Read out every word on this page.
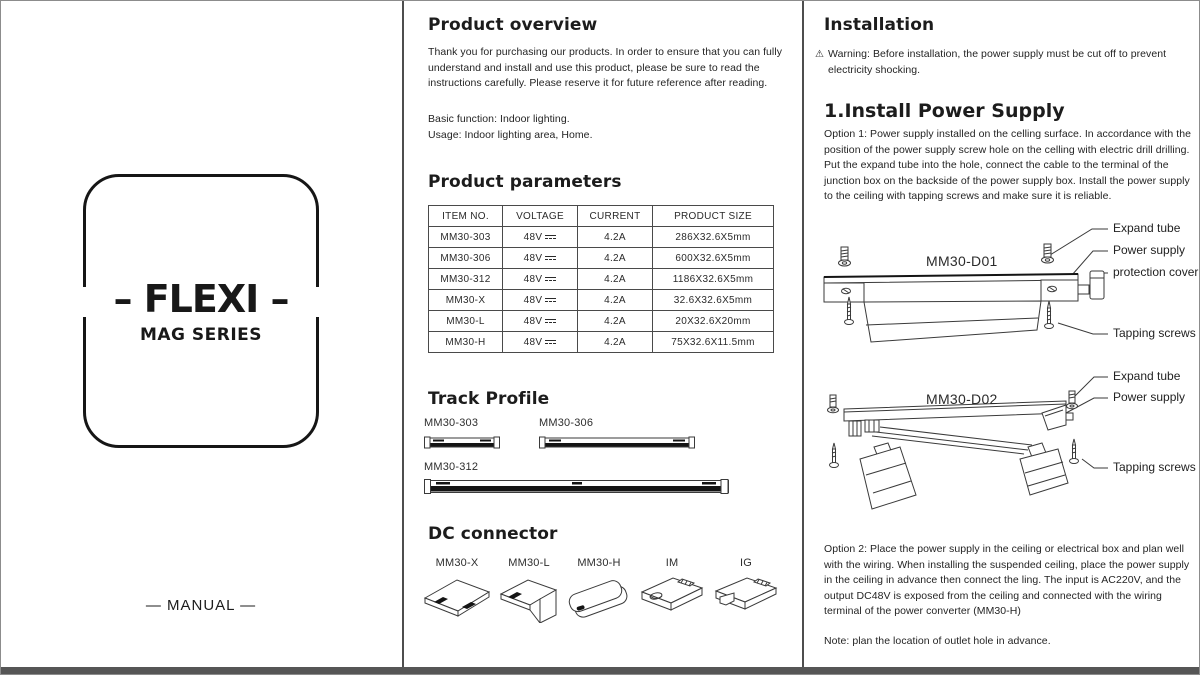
– FLEXI –
MAG SERIES
— MANUAL —
Product overview
Thank you for purchasing our products. In order to ensure that you can fully understand and install and use this product, please be sure to read the instructions carefully. Please reserve it for future reference after reading.
Basic function: Indoor lighting.
Usage: Indoor lighting area, Home.
Product parameters
ITEM NO.	VOLTAGE	CURRENT	PRODUCT SIZE
MM30-303	48V	4.2A	286X32.6X5mm
MM30-306	48V	4.2A	600X32.6X5mm
MM30-312	48V	4.2A	1186X32.6X5mm
MM30-X	48V	4.2A	32.6X32.6X5mm
MM30-L	48V	4.2A	20X32.6X20mm
MM30-H	48V	4.2A	75X32.6X11.5mm
Track Profile
MM30-303	MM30-306
MM30-312
DC connector
MM30-X	MM30-L	MM30-H	IM	IG
Installation
⚠ Warning: Before installation, the power supply must be cut off to prevent electricity shocking.
1.Install Power Supply
Option 1: Power supply installed on the celling surface. In accordance with the position of the power supply screw hole on the celling with electric drill drilling. Put the expand tube into the hole, connect the cable to the terminal of the junction box on the backside of the power supply box. Install the power supply to the ceiling with tapping screws and make sure it is reliable.
MM30-D01
Expand tube
Power supply
protection cover
Tapping screws
MM30-D02
Expand tube
Power supply
Tapping screws
Option 2: Place the power supply in the ceiling or electrical box and plan well with the wiring. When installing the suspended ceiling, place the power supply in the ceiling in advance then connect the ling. The input is AC220V, and the output DC48V is exposed from the ceiling and connected with the wiring terminal of the power converter (MM30-H)
Note: plan the location of outlet hole in advance.
